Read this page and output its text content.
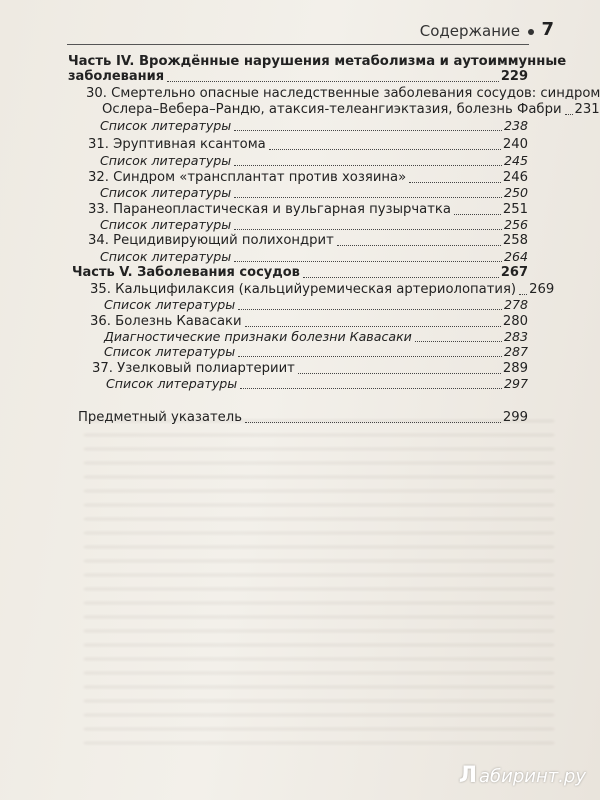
Содержание 7
Часть IV. Врождённые нарушения метаболизма и аутоиммунные
заболевания	229
30. Смертельно опасные наследственные заболевания сосудов: синдром
Ослера–Вебера–Рандю, атаксия-телеангиэктазия, болезнь Фабри 231
Список литературы	238
31. Эруптивная ксантома	240
Список литературы	245
32. Синдром «трансплантат против хозяина»	246
Список литературы	250
33. Паранеопластическая и вульгарная пузырчатка	251
Список литературы	256
34. Рецидивирующий полихондрит	258
Список литературы	264
Часть V. Заболевания сосудов	267
35. Кальцифилаксия (кальцийуремическая артериолопатия) 269
Список литературы	278
36. Болезнь Кавасаки	280
Диагностические признаки болезни Кавасаки	283
Список литературы	287
37. Узелковый полиартериит	289
Список литературы	297
Предметный указатель	299
Л абиринт.ру
